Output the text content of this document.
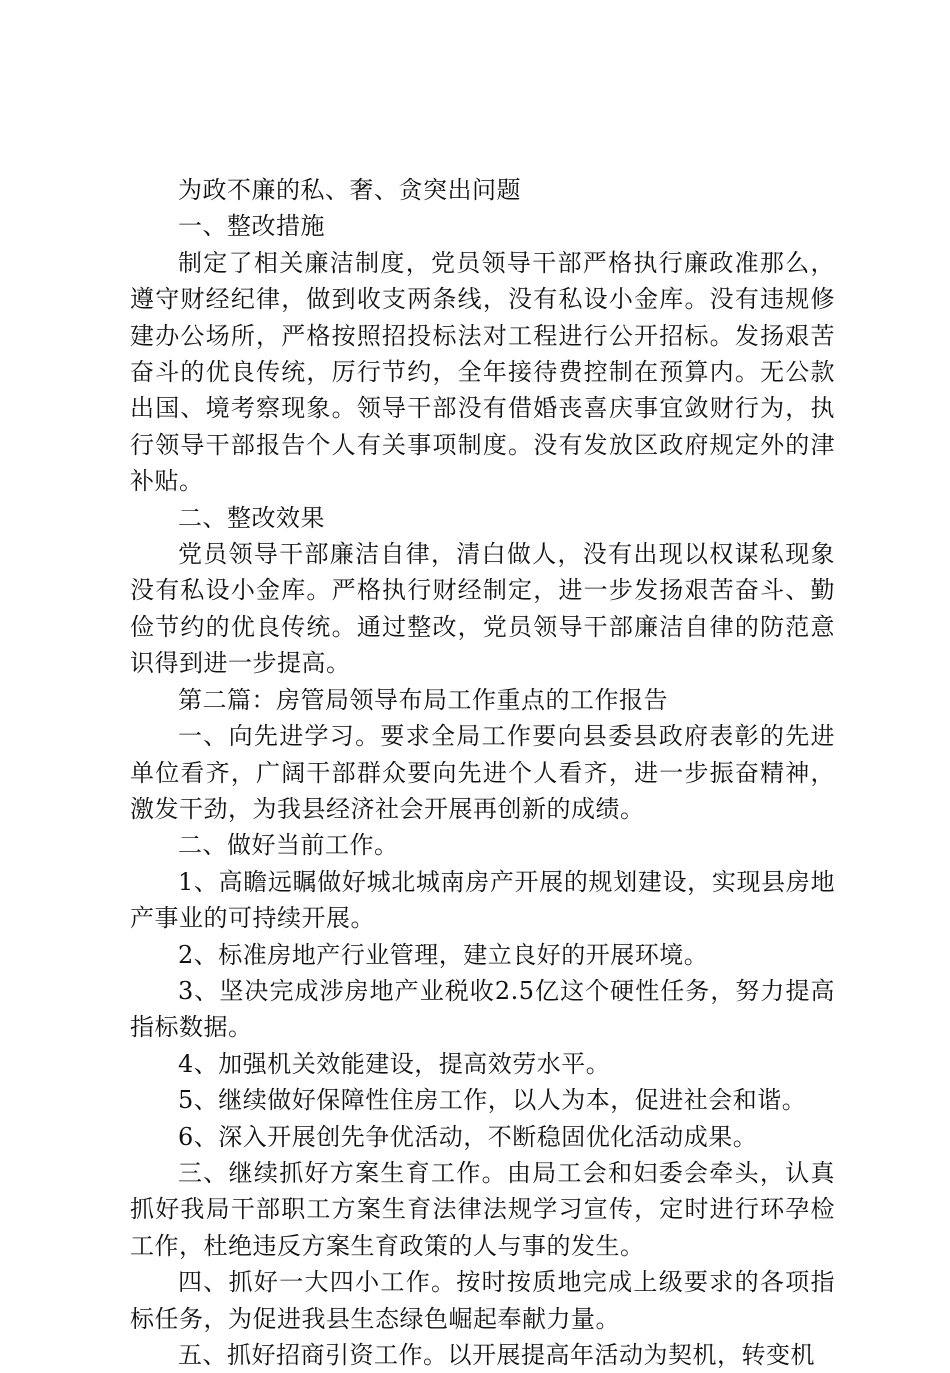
为政不廉的私、奢、贪突出问题

一、整改措施

制定了相关廉洁制度，党员领导干部严格执行廉政准那么，遵守财经纪律，做到收支两条线，没有私设小金库。没有违规修建办公场所，严格按照招投标法对工程进行公开招标。发扬艰苦奋斗的优良传统，厉行节约，全年接待费控制在预算内。无公款出国、境考察现象。领导干部没有借婚丧喜庆事宜敛财行为，执行领导干部报告个人有关事项制度。没有发放区政府规定外的津补贴。

二、整改效果

党员领导干部廉洁自律，清白做人，没有出现以权谋私现象没有私设小金库。严格执行财经制定，进一步发扬艰苦奋斗、勤俭节约的优良传统。通过整改，党员领导干部廉洁自律的防范意识得到进一步提高。

第二篇：房管局领导布局工作重点的工作报告

一、向先进学习。要求全局工作要向县委县政府表彰的先进单位看齐，广阔干部群众要向先进个人看齐，进一步振奋精神，激发干劲，为我县经济社会开展再创新的成绩。

二、做好当前工作。

1、高瞻远瞩做好城北城南房产开展的规划建设，实现县房地产事业的可持续开展。

2、标准房地产行业管理，建立良好的开展环境。

3、坚决完成涉房地产业税收2.5亿这个硬性任务，努力提高指标数据。

4、加强机关效能建设，提高效劳水平。

5、继续做好保障性住房工作，以人为本，促进社会和谐。

6、深入开展创先争优活动，不断稳固优化活动成果。

三、继续抓好方案生育工作。由局工会和妇委会牵头，认真抓好我局干部职工方案生育法律法规学习宣传，定时进行环孕检工作，杜绝违反方案生育政策的人与事的发生。

四、抓好一大四小工作。按时按质地完成上级要求的各项指标任务，为促进我县生态绿色崛起奉献力量。

五、抓好招商引资工作。以开展提高年活动为契机，转变机
